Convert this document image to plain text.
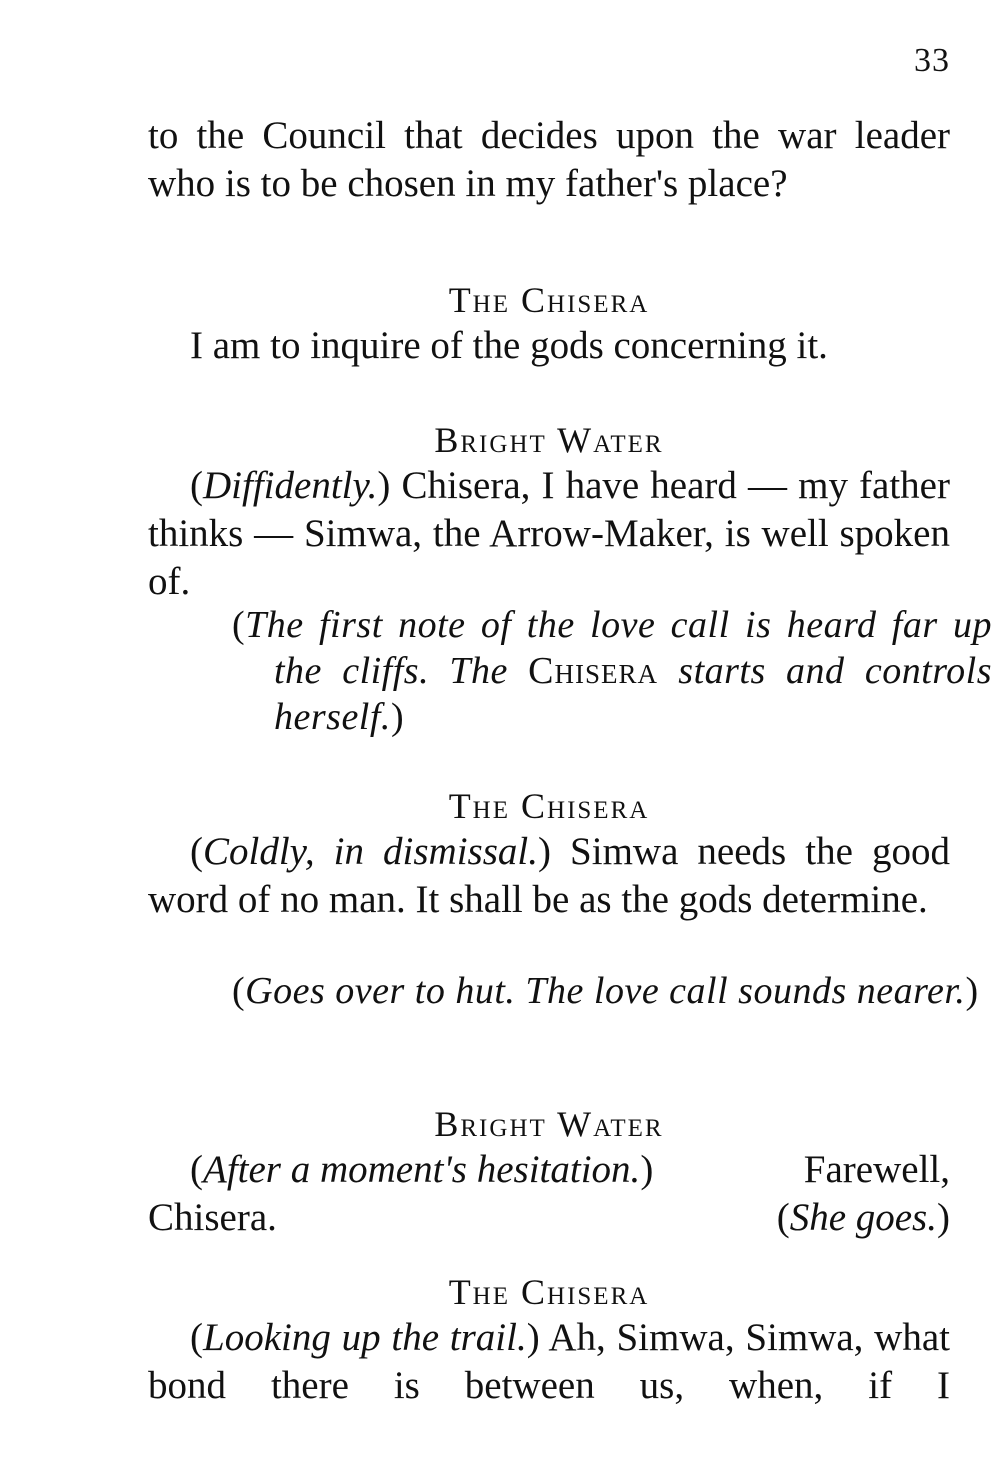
33

to the Council that decides upon the war leader who is to be chosen in my father's place?

The Chisera

I am to inquire of the gods concerning it.

Bright Water

(Diffidently.) Chisera, I have heard — my father thinks — Simwa, the Arrow-Maker, is well spoken of.

(The first note of the love call is heard far up the cliffs. The Chisera starts and controls herself.)

The Chisera

(Coldly, in dismissal.) Simwa needs the good word of no man. It shall be as the gods determine.

(Goes over to hut. The love call sounds nearer.)

Bright Water

(After a moment's hesitation.)	Farewell,

Chisera.	(She goes.)

The Chisera

(Looking up the trail.) Ah, Simwa, Simwa, what bond there is between us, when, if I
